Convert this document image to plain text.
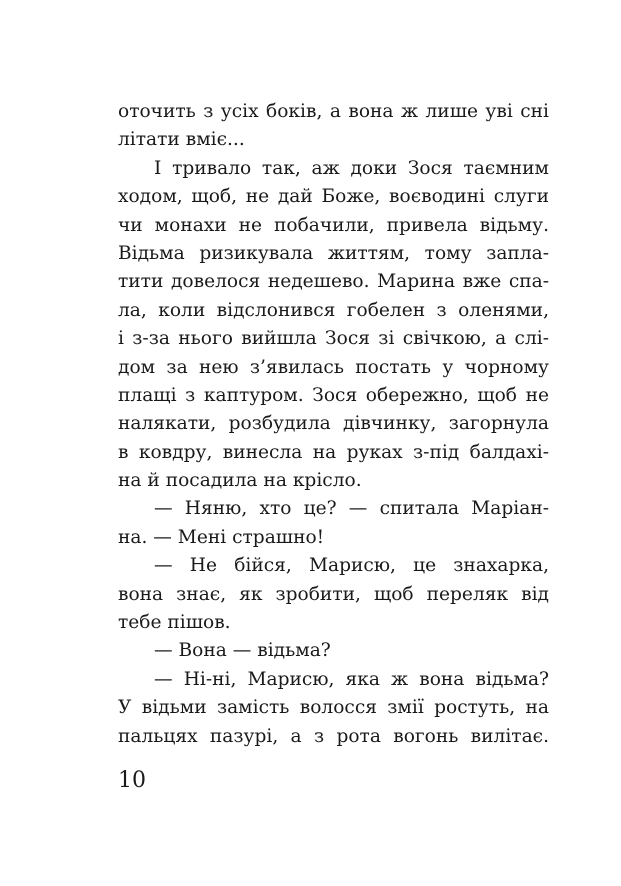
оточить з усіх боків, а вона ж лише уві сні
літати вміє...
І тривало так, аж доки Зося таємним
ходом, щоб, не дай Боже, воєводині слуги
чи монахи не побачили, привела відьму.
Відьма ризикувала життям, тому запла-
тити довелося недешево. Марина вже спа-
ла, коли відслонився гобелен з оленями,
і з-за нього вийшла Зося зі свічкою, а слі-
дом за нею з’явилась постать у чорному
плащі з каптуром. Зося обережно, щоб не
налякати, розбудила дівчинку, загорнула
в ковдру, винесла на руках з-під балдахі-
на й посадила на крісло.
— Няню, хто це? — спитала Маріан-
на. — Мені страшно!
— Не бійся, Марисю, це знахарка,
вона знає, як зробити, щоб переляк від
тебе пішов.
— Вона — відьма?
— Ні-ні, Марисю, яка ж вона відьма?
У відьми замість волосся змії ростуть, на
пальцях пазурі, а з рота вогонь вилітає.
10
